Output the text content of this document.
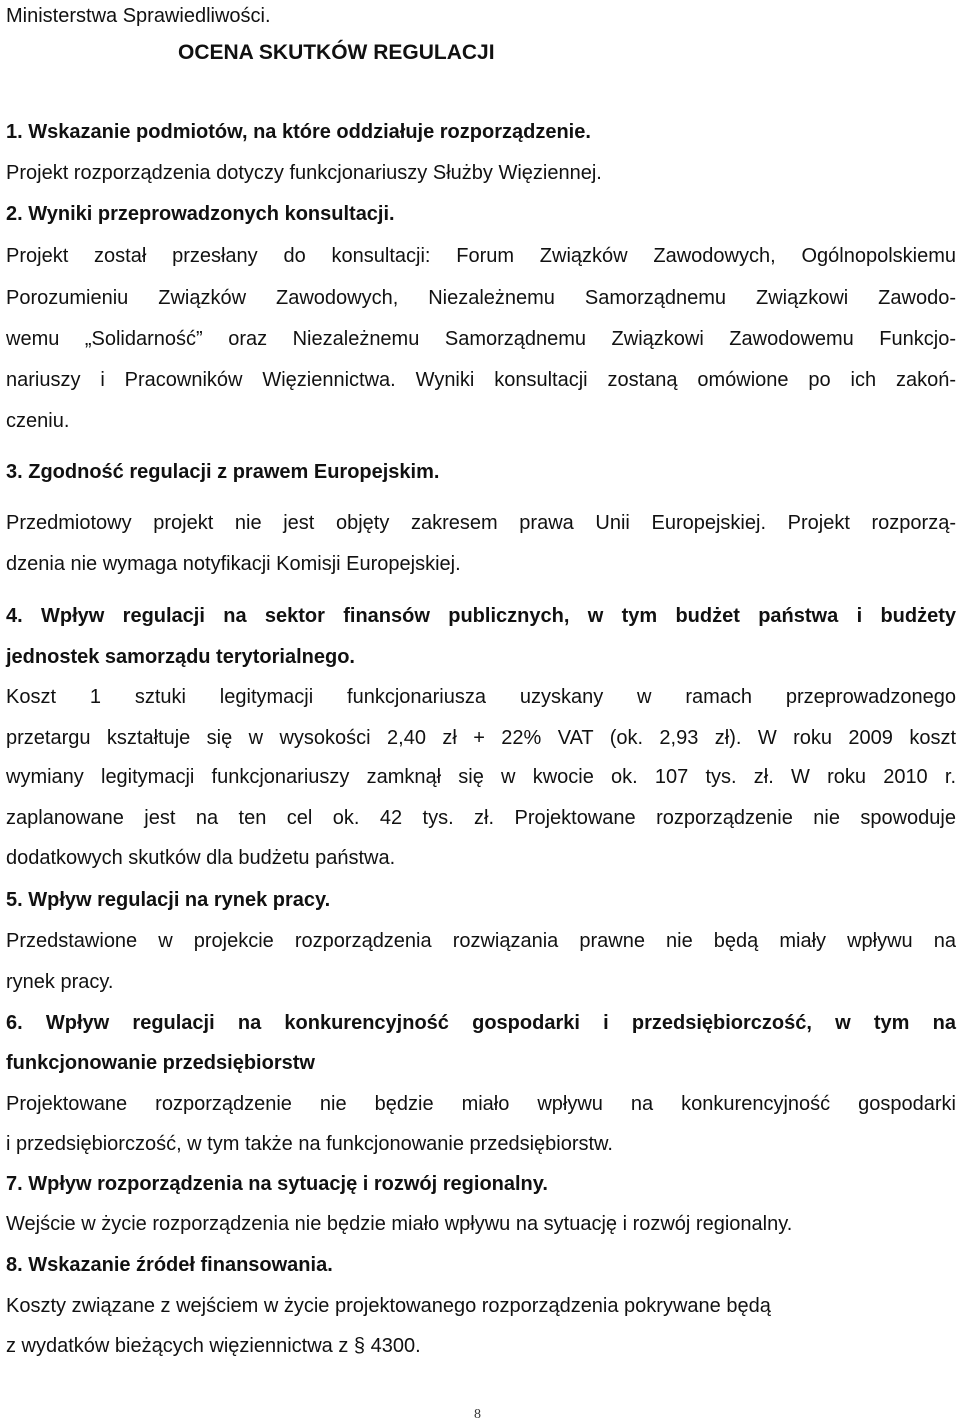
Ministerstwa Sprawiedliwości.
OCENA SKUTKÓW REGULACJI
1. Wskazanie podmiotów, na które oddziałuje rozporządzenie.
Projekt rozporządzenia dotyczy funkcjonariuszy Służby Więziennej.
2. Wyniki przeprowadzonych konsultacji.
Projekt został przesłany do konsultacji: Forum Związków Zawodowych, Ogólnopolskiemu
Porozumieniu Związków Zawodowych, Niezależnemu Samorządnemu Związkowi Zawodo-
wemu „Solidarność” oraz Niezależnemu Samorządnemu Związkowi Zawodowemu Funkcjo-
nariuszy i Pracowników Więziennictwa. Wyniki konsultacji zostaną omówione po ich zakoń-
czeniu.
3. Zgodność regulacji z prawem Europejskim.
Przedmiotowy projekt nie jest objęty zakresem prawa Unii Europejskiej. Projekt rozporzą-
dzenia nie wymaga notyfikacji Komisji Europejskiej.
4. Wpływ regulacji na sektor finansów publicznych, w tym budżet państwa i budżety
jednostek samorządu terytorialnego.
Koszt 1 sztuki legitymacji funkcjonariusza uzyskany w ramach przeprowadzonego
przetargu kształtuje się w wysokości 2,40 zł + 22% VAT (ok. 2,93 zł). W roku 2009 koszt
wymiany legitymacji funkcjonariuszy zamknął się w kwocie ok. 107 tys. zł. W roku 2010 r.
zaplanowane jest na ten cel ok. 42 tys. zł. Projektowane rozporządzenie nie spowoduje
dodatkowych skutków dla budżetu państwa.
5. Wpływ regulacji na rynek pracy.
Przedstawione w projekcie rozporządzenia rozwiązania prawne nie będą miały wpływu na
rynek pracy.
6. Wpływ regulacji na konkurencyjność gospodarki i przedsiębiorczość, w tym na
funkcjonowanie przedsiębiorstw
Projektowane rozporządzenie nie będzie miało wpływu na konkurencyjność gospodarki
i przedsiębiorczość, w tym także na funkcjonowanie przedsiębiorstw.
7. Wpływ rozporządzenia na sytuację i rozwój regionalny.
Wejście w życie rozporządzenia nie będzie miało wpływu na sytuację i rozwój regionalny.
8. Wskazanie źródeł finansowania.
Koszty związane z wejściem w życie projektowanego rozporządzenia pokrywane będą
z wydatków bieżących więziennictwa z § 4300.
8
